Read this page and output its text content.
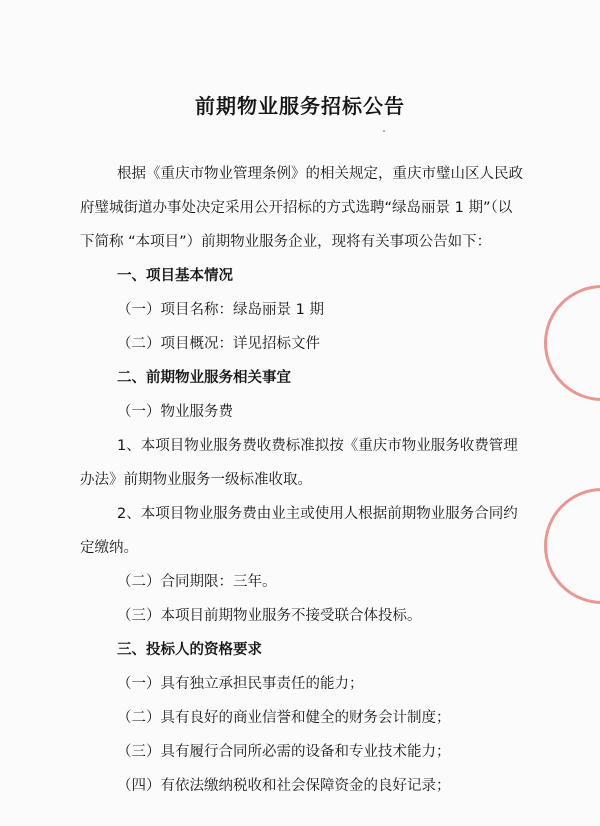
前期物业服务招标公告
根据《重庆市物业管理条例》的相关规定，重庆市璧山区人民政
府璧城街道办事处决定采用公开招标的方式选聘“绿岛丽景 1 期”（以
下简称 “本项目”）前期物业服务企业，现将有关事项公告如下：
一、项目基本情况
（一）项目名称：绿岛丽景 1 期
（二）项目概况：详见招标文件
二、前期物业服务相关事宜
（一）物业服务费
1、本项目物业服务费收费标准拟按《重庆市物业服务收费管理
办法》前期物业服务一级标准收取。
2、本项目物业服务费由业主或使用人根据前期物业服务合同约
定缴纳。
（二）合同期限：三年。
（三）本项目前期物业服务不接受联合体投标。
三、投标人的资格要求
（一）具有独立承担民事责任的能力；
（二）具有良好的商业信誉和健全的财务会计制度；
（三）具有履行合同所必需的设备和专业技术能力；
（四）有依法缴纳税收和社会保障资金的良好记录；
